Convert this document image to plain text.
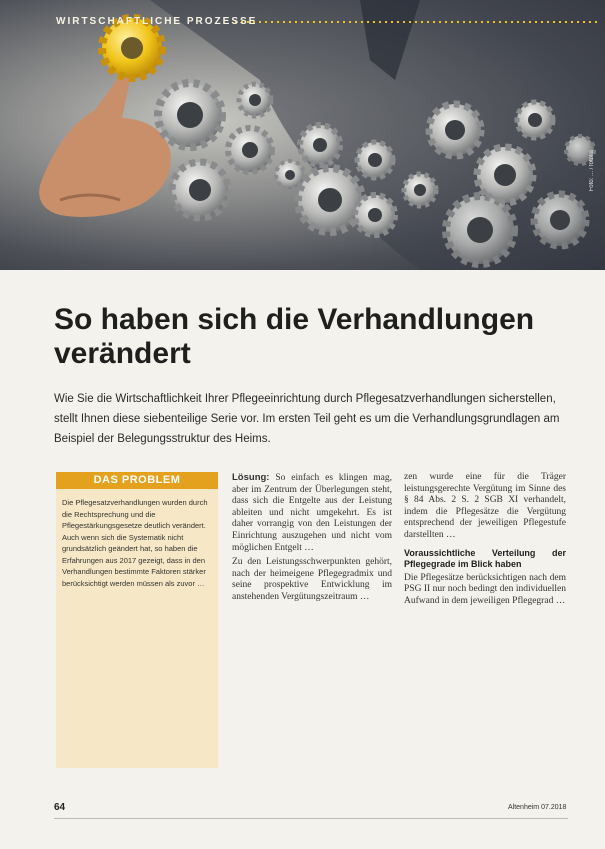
WIRTSCHAFTLICHE PROZESSE
Foto: ... / fotolia
So haben sich die Verhandlungen verändert

Wie Sie die Wirtschaftlichkeit Ihrer Pflegeeinrichtung durch Pflegesatzverhandlungen sicherstellen, stellt Ihnen diese siebenteilige Serie vor. Im ersten Teil geht es um die Verhandlungsgrundlagen am Beispiel der Belegungsstruktur des Heims.

DAS PROBLEM
Die Pflegesatzverhandlungen wurden durch die Rechtsprechung und die Pflegestärkungsgesetze deutlich verändert. Auch wenn sich die Systematik nicht grundsätzlich geändert hat, so haben die Erfahrungen aus 2017 gezeigt, dass in den Verhandlungen bestimmte Faktoren stärker berücksichtigt werden müssen als zuvor …

Lösung: So einfach es klingen mag, aber im Zentrum der Überlegungen steht, dass sich die Entgelte aus der Leistung ableiten und nicht umgekehrt. Es ist daher vorrangig von den Leistungen der Einrichtung auszugehen und nicht vom möglichen Entgelt …

Zu den Leistungsschwerpunkten gehört, nach der heimeigene Pflegegradmix und seine prospektive Entwicklung im anstehenden Vergütungszeitraum …

zen wurde eine für die Träger leistungsgerechte Vergütung im Sinne des § 84 Abs. 2 S. 2 SGB XI verhandelt, indem die Pflegesätze die Vergütung entsprechend der jeweiligen Pflegestufe darstellten …

Voraussichtliche Verteilung der Pflegegrade im Blick haben

Die Pflegesätze berücksichtigen nach dem PSG II nur noch bedingt den individuellen Aufwand in dem jeweiligen Pflegegrad …

64	Altenheim 07.2018
